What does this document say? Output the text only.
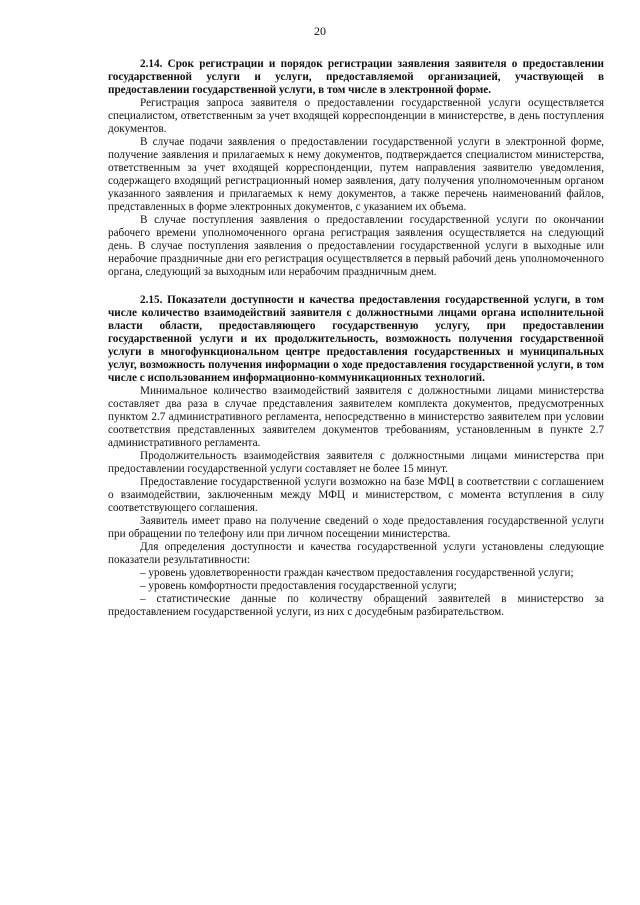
20

2.14. Срок регистрации и порядок регистрации заявления заявителя о предоставлении государственной услуги и услуги, предоставляемой организацией, участвующей в предоставлении государственной услуги, в том числе в электронной форме.

Регистрация запроса заявителя о предоставлении государственной услуги осуществляется специалистом, ответственным за учет входящей корреспонденции в министерстве, в день поступления документов.

В случае подачи заявления о предоставлении государственной услуги в электронной форме, получение заявления и прилагаемых к нему документов, подтверждается специалистом министерства, ответственным за учет входящей корреспонденции, путем направления заявителю уведомления, содержащего входящий регистрационный номер заявления, дату получения уполномоченным органом указанного заявления и прилагаемых к нему документов, а также перечень наименований файлов, представленных в форме электронных документов, с указанием их объема.

В случае поступления заявления о предоставлении государственной услуги по окончании рабочего времени уполномоченного органа регистрация заявления осуществляется на следующий день. В случае поступления заявления о предоставлении государственной услуги в выходные или нерабочие праздничные дни его регистрация осуществляется в первый рабочий день уполномоченного органа, следующий за выходным или нерабочим праздничным днем.

2.15. Показатели доступности и качества предоставления государственной услуги, в том числе количество взаимодействий заявителя с должностными лицами органа исполнительной власти области, предоставляющего государственную услугу, при предоставлении государственной услуги и их продолжительность, возможность получения государственной услуги в многофункциональном центре предоставления государственных и муниципальных услуг, возможность получения информации о ходе предоставления государственной услуги, в том числе с использованием информационно-коммуникационных технологий.

Минимальное количество взаимодействий заявителя с должностными лицами министерства составляет два раза в случае представления заявителем комплекта документов, предусмотренных пунктом 2.7 административного регламента, непосредственно в министерство заявителем при условии соответствия представленных заявителем документов требованиям, установленным в пункте 2.7 административного регламента.

Продолжительность взаимодействия заявителя с должностными лицами министерства при предоставлении государственной услуги составляет не более 15 минут.

Предоставление государственной услуги возможно на базе МФЦ в соответствии с соглашением о взаимодействии, заключенным между МФЦ и министерством, с момента вступления в силу соответствующего соглашения.

Заявитель имеет право на получение сведений о ходе предоставления государственной услуги при обращении по телефону или при личном посещении министерства.

Для определения доступности и качества государственной услуги установлены следующие показатели результативности:

– уровень удовлетворенности граждан качеством предоставления государственной услуги;

– уровень комфортности предоставления государственной услуги;

– статистические данные по количеству обращений заявителей в министерство за предоставлением государственной услуги, из них с досудебным разбирательством.
